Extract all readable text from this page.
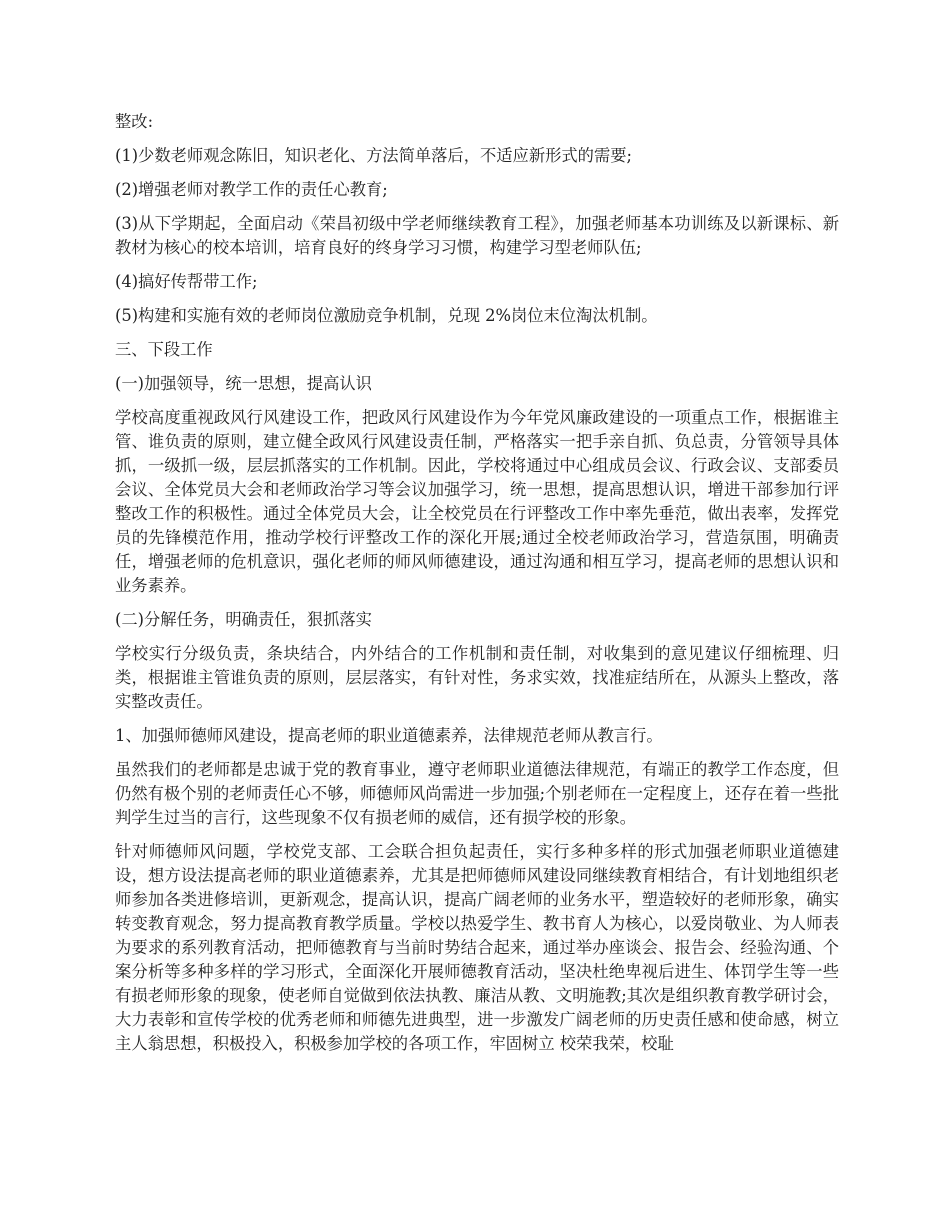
整改:

(1)少数老师观念陈旧，知识老化、方法简单落后，不适应新形式的需要;

(2)增强老师对教学工作的责任心教育;

(3)从下学期起，全面启动《荣昌初级中学老师继续教育工程》，加强老师基本功训练及以新课标、新教材为核心的校本培训，培育良好的终身学习习惯，构建学习型老师队伍;

(4)搞好传帮带工作;

(5)构建和实施有效的老师岗位激励竞争机制，兑现 2%岗位末位淘汰机制。

三、下段工作

(一)加强领导，统一思想，提高认识

学校高度重视政风行风建设工作，把政风行风建设作为今年党风廉政建设的一项重点工作，根据谁主管、谁负责的原则，建立健全政风行风建设责任制，严格落实一把手亲自抓、负总责，分管领导具体抓，一级抓一级，层层抓落实的工作机制。因此，学校将通过中心组成员会议、行政会议、支部委员会议、全体党员大会和老师政治学习等会议加强学习，统一思想，提高思想认识，增进干部参加行评整改工作的积极性。通过全体党员大会，让全校党员在行评整改工作中率先垂范，做出表率，发挥党员的先锋模范作用，推动学校行评整改工作的深化开展;通过全校老师政治学习，营造氛围，明确责任，增强老师的危机意识，强化老师的师风师德建设，通过沟通和相互学习，提高老师的思想认识和业务素养。

(二)分解任务，明确责任，狠抓落实

学校实行分级负责，条块结合，内外结合的工作机制和责任制，对收集到的意见建议仔细梳理、归类，根据谁主管谁负责的原则，层层落实，有针对性，务求实效，找准症结所在，从源头上整改，落实整改责任。

1、加强师德师风建设，提高老师的职业道德素养，法律规范老师从教言行。

虽然我们的老师都是忠诚于党的教育事业，遵守老师职业道德法律规范，有端正的教学工作态度，但仍然有极个别的老师责任心不够，师德师风尚需进一步加强;个别老师在一定程度上，还存在着一些批判学生过当的言行，这些现象不仅有损老师的威信，还有损学校的形象。

针对师德师风问题，学校党支部、工会联合担负起责任，实行多种多样的形式加强老师职业道德建设，想方设法提高老师的职业道德素养，尤其是把师德师风建设同继续教育相结合，有计划地组织老师参加各类进修培训，更新观念，提高认识，提高广阔老师的业务水平，塑造较好的老师形象，确实转变教育观念，努力提高教育教学质量。学校以热爱学生、教书育人为核心，以爱岗敬业、为人师表为要求的系列教育活动，把师德教育与当前时势结合起来，通过举办座谈会、报告会、经验沟通、个案分析等多种多样的学习形式，全面深化开展师德教育活动，坚决杜绝卑视后进生、体罚学生等一些有损老师形象的现象，使老师自觉做到依法执教、廉洁从教、文明施教;其次是组织教育教学研讨会，大力表彰和宣传学校的优秀老师和师德先进典型，进一步激发广阔老师的历史责任感和使命感，树立主人翁思想，积极投入，积极参加学校的各项工作，牢固树立 校荣我荣，校耻
